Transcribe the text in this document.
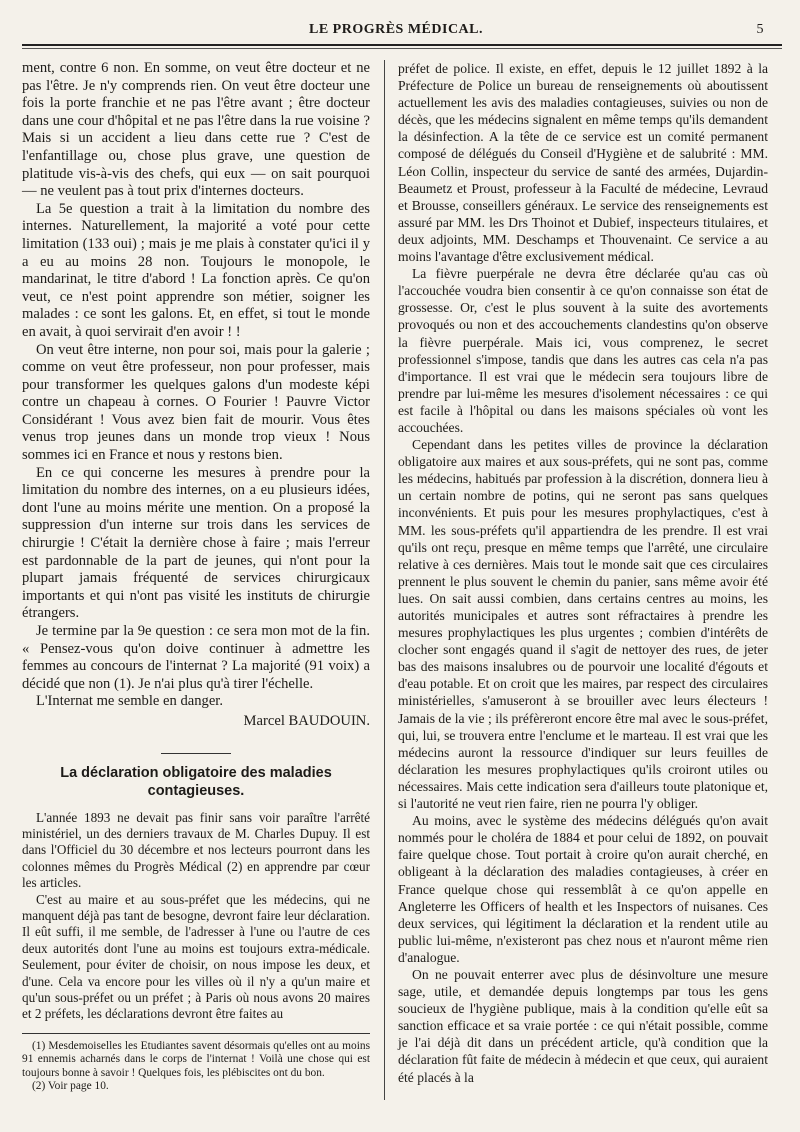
LE PROGRÈS MÉDICAL.	5

ment, contre 6 non. En somme, on veut être docteur et ne pas l'être. Je n'y comprends rien. On veut être docteur une fois la porte franchie et ne pas l'être avant ; être docteur dans une cour d'hôpital et ne pas l'être dans la rue voisine ? Mais si un accident a lieu dans cette rue ? C'est de l'enfantillage ou, chose plus grave, une question de platitude vis-à-vis des chefs, qui eux — on sait pourquoi — ne veulent pas à tout prix d'internes docteurs.

La 5e question a trait à la limitation du nombre des internes. Naturellement, la majorité a voté pour cette limitation (133 oui) ; mais je me plais à constater qu'ici il y a eu au moins 28 non. Toujours le monopole, le mandarinat, le titre d'abord ! La fonction après. Ce qu'on veut, ce n'est point apprendre son métier, soigner les malades : ce sont les galons. Et, en effet, si tout le monde en avait, à quoi servirait d'en avoir ! !

On veut être interne, non pour soi, mais pour la galerie ; comme on veut être professeur, non pour professer, mais pour transformer les quelques galons d'un modeste képi contre un chapeau à cornes. O Fourier ! Pauvre Victor Considérant ! Vous avez bien fait de mourir. Vous êtes venus trop jeunes dans un monde trop vieux ! Nous sommes ici en France et nous y restons bien.

En ce qui concerne les mesures à prendre pour la limitation du nombre des internes, on a eu plusieurs idées, dont l'une au moins mérite une mention. On a proposé la suppression d'un interne sur trois dans les services de chirurgie ! C'était la dernière chose à faire ; mais l'erreur est pardonnable de la part de jeunes, qui n'ont pour la plupart jamais fréquenté de services chirurgicaux importants et qui n'ont pas visité les instituts de chirurgie étrangers.

Je termine par la 9e question : ce sera mon mot de la fin. « Pensez-vous qu'on doive continuer à admettre les femmes au concours de l'internat ? La majorité (91 voix) a décidé que non (1). Je n'ai plus qu'à tirer l'échelle.

L'Internat me semble en danger.

Marcel BAUDOUIN.

La déclaration obligatoire des maladies contagieuses.

L'année 1893 ne devait pas finir sans voir paraître l'arrêté ministériel, un des derniers travaux de M. Charles Dupuy. Il est dans l'Officiel du 30 décembre et nos lecteurs pourront dans les colonnes mêmes du Progrès Médical (2) en apprendre par cœur les articles.

C'est au maire et au sous-préfet que les médecins, qui ne manquent déjà pas tant de besogne, devront faire leur déclaration. Il eût suffi, il me semble, de l'adresser à l'une ou l'autre de ces deux autorités dont l'une au moins est toujours extra-médicale. Seulement, pour éviter de choisir, on nous impose les deux, et d'une. Cela va encore pour les villes où il n'y a qu'un maire et qu'un sous-préfet ou un préfet ; à Paris où nous avons 20 maires et 2 préfets, les déclarations devront être faites au

(1) Mesdemoiselles les Etudiantes savent désormais qu'elles ont au moins 91 ennemis acharnés dans le corps de l'internat ! Voilà une chose qui est toujours bonne à savoir ! Quelques fois, les plébiscites ont du bon.

(2) Voir page 10.

préfet de police. Il existe, en effet, depuis le 12 juillet 1892 à la Préfecture de Police un bureau de renseignements où aboutissent actuellement les avis des maladies contagieuses, suivies ou non de décès, que les médecins signalent en même temps qu'ils demandent la désinfection. A la tête de ce service est un comité permanent composé de délégués du Conseil d'Hygiène et de salubrité : MM. Léon Collin, inspecteur du service de santé des armées, Dujardin-Beaumetz et Proust, professeur à la Faculté de médecine, Levraud et Brousse, conseillers généraux. Le service des renseignements est assuré par MM. les Drs Thoinot et Dubief, inspecteurs titulaires, et deux adjoints, MM. Deschamps et Thouvenaint. Ce service a au moins l'avantage d'être exclusivement médical.

La fièvre puerpérale ne devra être déclarée qu'au cas où l'accouchée voudra bien consentir à ce qu'on connaisse son état de grossesse. Or, c'est le plus souvent à la suite des avortements provoqués ou non et des accouchements clandestins qu'on observe la fièvre puerpérale. Mais ici, vous comprenez, le secret professionnel s'impose, tandis que dans les autres cas cela n'a pas d'importance. Il est vrai que le médecin sera toujours libre de prendre par lui-même les mesures d'isolement nécessaires : ce qui est facile à l'hôpital ou dans les maisons spéciales où vont les accouchées.

Cependant dans les petites villes de province la déclaration obligatoire aux maires et aux sous-préfets, qui ne sont pas, comme les médecins, habitués par profession à la discrétion, donnera lieu à un certain nombre de potins, qui ne seront pas sans quelques inconvénients. Et puis pour les mesures prophylactiques, c'est à MM. les sous-préfets qu'il appartiendra de les prendre. Il est vrai qu'ils ont reçu, presque en même temps que l'arrêté, une circulaire relative à ces dernières. Mais tout le monde sait que ces circulaires prennent le plus souvent le chemin du panier, sans même avoir été lues. On sait aussi combien, dans certains centres au moins, les autorités municipales et autres sont réfractaires à prendre les mesures prophylactiques les plus urgentes ; combien d'intérêts de clocher sont engagés quand il s'agit de nettoyer des rues, de jeter bas des maisons insalubres ou de pourvoir une localité d'égouts et d'eau potable. Et on croit que les maires, par respect des circulaires ministérielles, s'amuseront à se brouiller avec leurs électeurs ! Jamais de la vie ; ils préfèreront encore être mal avec le sous-préfet, qui, lui, se trouvera entre l'enclume et le marteau. Il est vrai que les médecins auront la ressource d'indiquer sur leurs feuilles de déclaration les mesures prophylactiques qu'ils croiront utiles ou nécessaires. Mais cette indication sera d'ailleurs toute platonique et, si l'autorité ne veut rien faire, rien ne pourra l'y obliger.

Au moins, avec le système des médecins délégués qu'on avait nommés pour le choléra de 1884 et pour celui de 1892, on pouvait faire quelque chose. Tout portait à croire qu'on aurait cherché, en obligeant à la déclaration des maladies contagieuses, à créer en France quelque chose qui ressemblât à ce qu'on appelle en Angleterre les Officers of health et les Inspectors of nuisanes. Ces deux services, qui légitiment la déclaration et la rendent utile au public lui-même, n'existeront pas chez nous et n'auront même rien d'analogue.

On ne pouvait enterrer avec plus de désinvolture une mesure sage, utile, et demandée depuis longtemps par tous les gens soucieux de l'hygiène publique, mais à la condition qu'elle eût sa sanction efficace et sa vraie portée : ce qui n'était possible, comme je l'ai déjà dit dans un précédent article, qu'à condition que la déclaration fût faite de médecin à médecin et que ceux, qui auraient été placés à la
